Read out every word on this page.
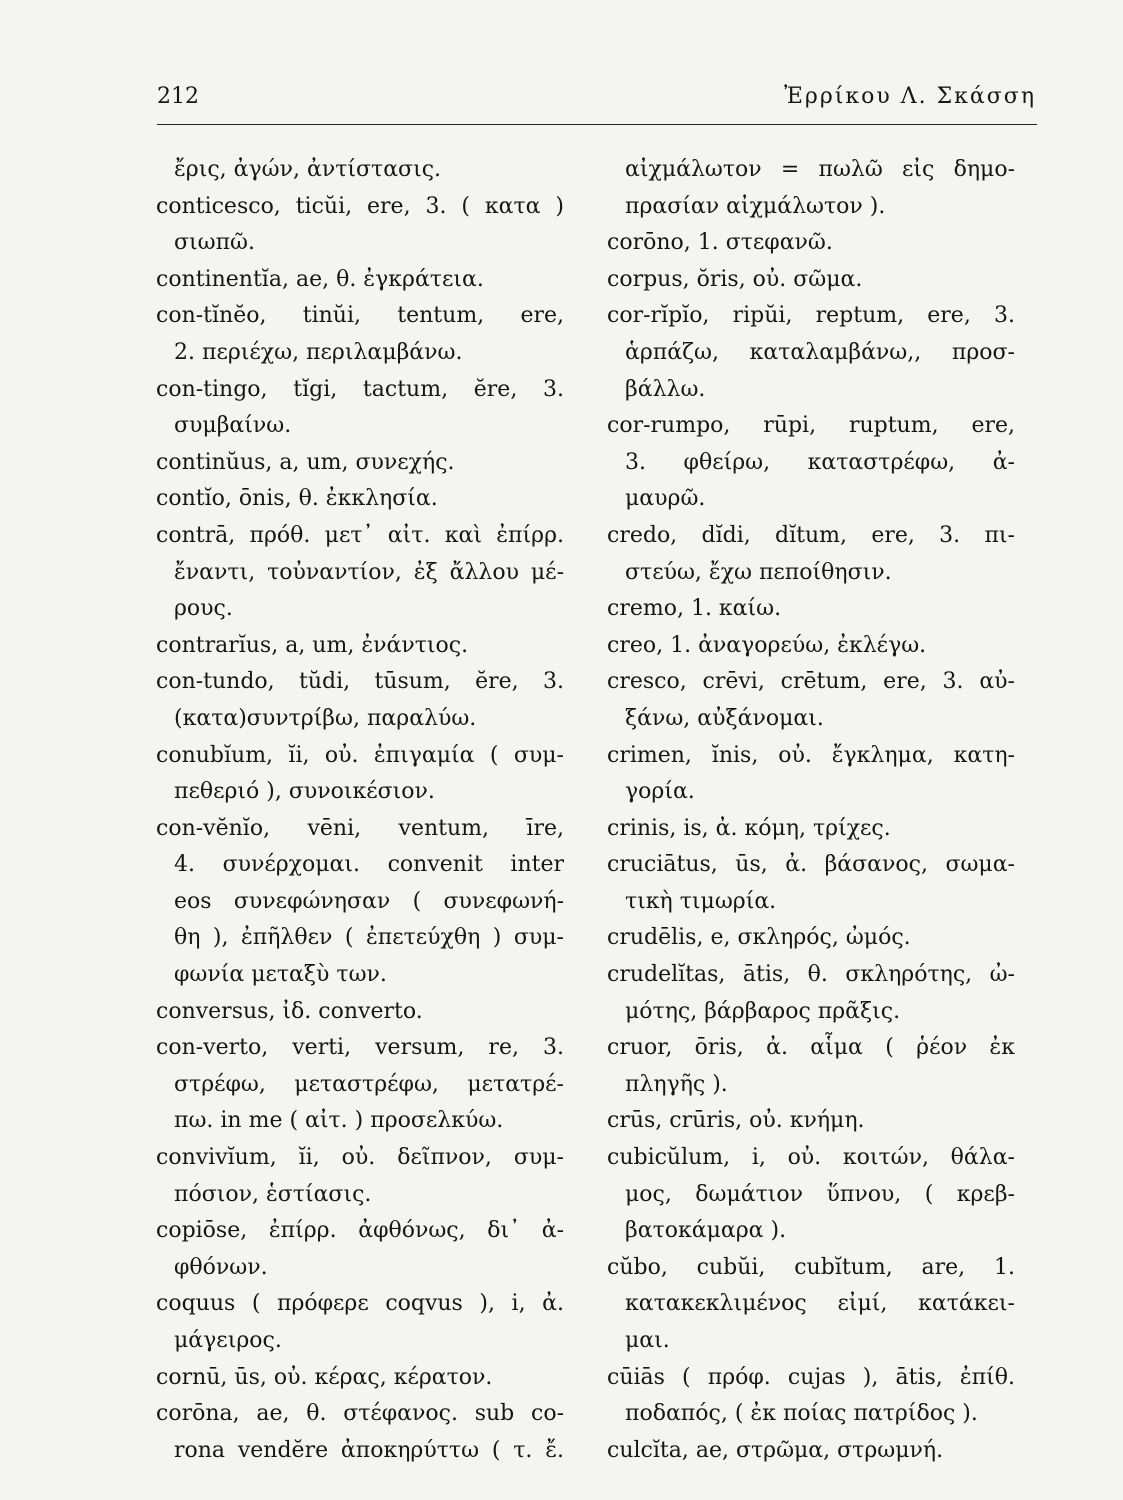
212	Ἐρρίκου Λ. Σκάσση
ἔρις, ἀγών, ἀντίστασις.
conticesco, ticŭi, ere, 3. ( κατα )
σιωπῶ.
continentĭa, ae, θ. ἐγκράτεια.
con-tĭnĕo, tinŭi, tentum, ere,
2. περιέχω, περιλαμβάνω.
con-tingo, tĭgi, tactum, ĕre, 3.
συμβαίνω.
continŭus, a, um, συνεχής.
contĭo, ōnis, θ. ἐκκλησία.
contrā, πρόθ. μετ᾽ αἰτ. καὶ ἐπίρρ.
ἔναντι, τοὐναντίον, ἐξ ἄλλου μέ-
ρους.
contrarĭus, a, um, ἐνάντιος.
con-tundo, tŭdi, tūsum, ĕre, 3.
(κατα)συντρίβω, παραλύω.
conubĭum, ĭi, οὐ. ἐπιγαμία ( συμ-
πεθεριό ), συνοικέσιον.
con-vĕnĭo, vēni, ventum, īre,
4. συνέρχομαι. convenit inter
eos συνεφώνησαν ( συνεφωνή-
θη ), ἐπῆλθεν ( ἐπετεύχθη ) συμ-
φωνία μεταξὺ των.
conversus, ἰδ. converto.
con-verto, verti, versum, re, 3.
στρέφω, μεταστρέφω, μετατρέ-
πω. in me ( αἰτ. ) προσελκύω.
convivĭum, ĭi, οὐ. δεῖπνον, συμ-
πόσιον, ἑστίασις.
copiōse, ἐπίρρ. ἀφθόνως, δι᾽ ἀ-
φθόνων.
coquus ( πρόφερε coqvus ), i, ἀ.
μάγειρος.
cornū, ūs, οὐ. κέρας, κέρατον.
corōna, ae, θ. στέφανος. sub co-
rona vendĕre ἀποκηρύττω ( τ. ἔ.
αἰχμάλωτον = πωλῶ εἰς δημο-
πρασίαν αἰχμάλωτον ).
corōno, 1. στεφανῶ.
corpus, ŏris, οὐ. σῶμα.
cor-rĭpĭo, ripŭi, reptum, ere, 3.
ἁρπάζω, καταλαμβάνω,, προσ-
βάλλω.
cor-rumpo, rūpi, ruptum, ere,
3. φθείρω, καταστρέφω, ἀ-
μαυρῶ.
credo, dĭdi, dĭtum, ere, 3. πι-
στεύω, ἔχω πεποίθησιν.
cremo, 1. καίω.
creo, 1. ἀναγορεύω, ἐκλέγω.
cresco, crēvi, crētum, ere, 3. αὐ-
ξάνω, αὐξάνομαι.
crimen, ĭnis, οὐ. ἔγκλημα, κατη-
γορία.
crinis, is, ἀ. κόμη, τρίχες.
cruciātus, ūs, ἀ. βάσανος, σωμα-
τικὴ τιμωρία.
crudēlis, e, σκληρός, ὠμός.
crudelĭtas, ātis, θ. σκληρότης, ὠ-
μότης, βάρβαρος πρᾶξις.
cruor, ōris, ἀ. αἷμα ( ῥέον ἐκ
πληγῆς ).
crūs, crūris, οὐ. κνήμη.
cubicŭlum, i, οὐ. κοιτών, θάλα-
μος, δωμάτιον ὕπνου, ( κρεβ-
βατοκάμαρα ).
cŭbo, cubŭi, cubĭtum, are, 1.
κατακεκλιμένος εἰμί, κατάκει-
μαι.
cūiās ( πρόφ. cujas ), ātis, ἐπίθ.
ποδαπός, ( ἐκ ποίας πατρίδος ).
culcĭta, ae, στρῶμα, στρωμνή.
